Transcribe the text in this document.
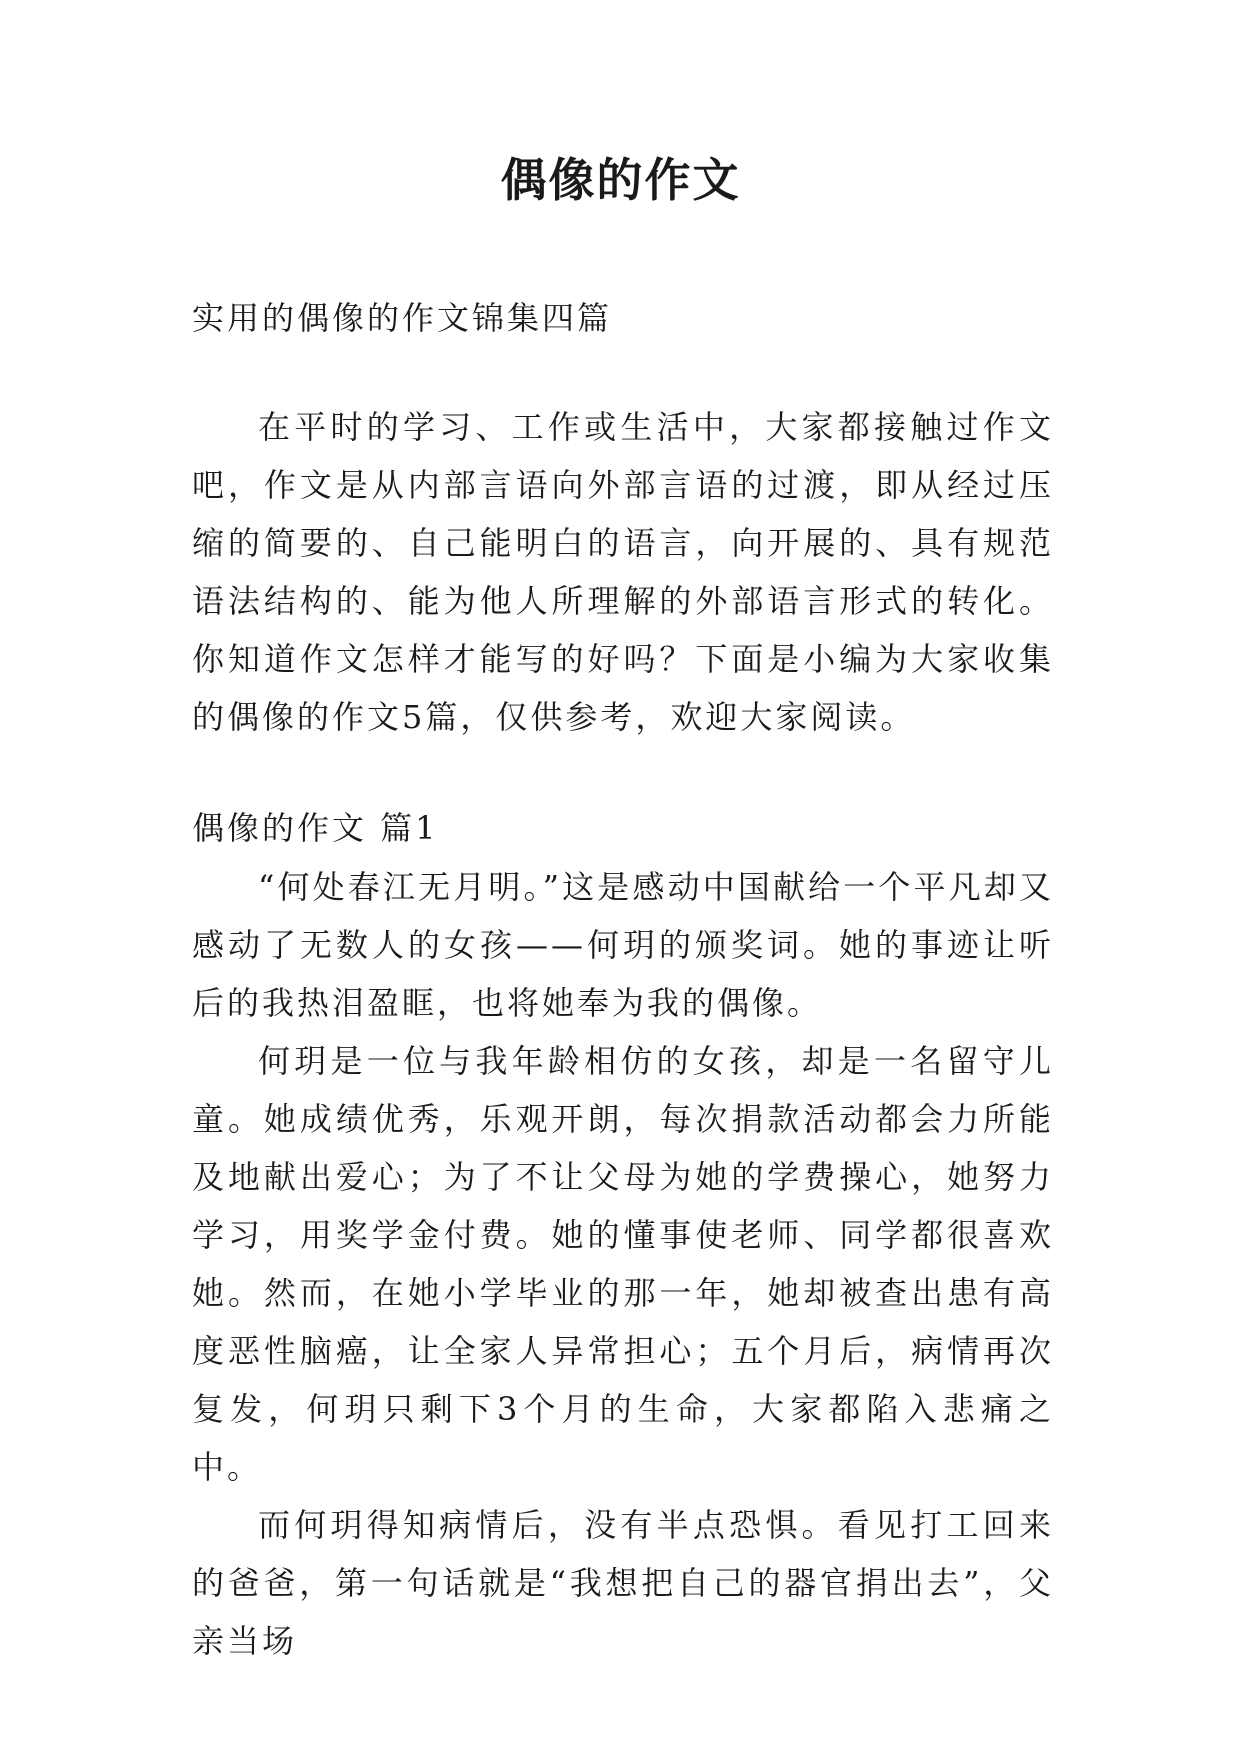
偶像的作文

实用的偶像的作文锦集四篇

在平时的学习、工作或生活中，大家都接触过作文吧，作文是从内部言语向外部言语的过渡，即从经过压缩的简要的、自己能明白的语言，向开展的、具有规范语法结构的、能为他人所理解的外部语言形式的转化。你知道作文怎样才能写的好吗？下面是小编为大家收集的偶像的作文5篇，仅供参考，欢迎大家阅读。

偶像的作文 篇1

“何处春江无月明。”这是感动中国献给一个平凡却又感动了无数人的女孩——何玥的颁奖词。她的事迹让听后的我热泪盈眶，也将她奉为我的偶像。

何玥是一位与我年龄相仿的女孩，却是一名留守儿童。她成绩优秀，乐观开朗，每次捐款活动都会力所能及地献出爱心；为了不让父母为她的学费操心，她努力学习，用奖学金付费。她的懂事使老师、同学都很喜欢她。然而，在她小学毕业的那一年，她却被查出患有高度恶性脑癌，让全家人异常担心；五个月后，病情再次复发，何玥只剩下3个月的生命，大家都陷入悲痛之中。

而何玥得知病情后，没有半点恐惧。看见打工回来的爸爸，第一句话就是“我想把自己的器官捐出去”，父亲当场
